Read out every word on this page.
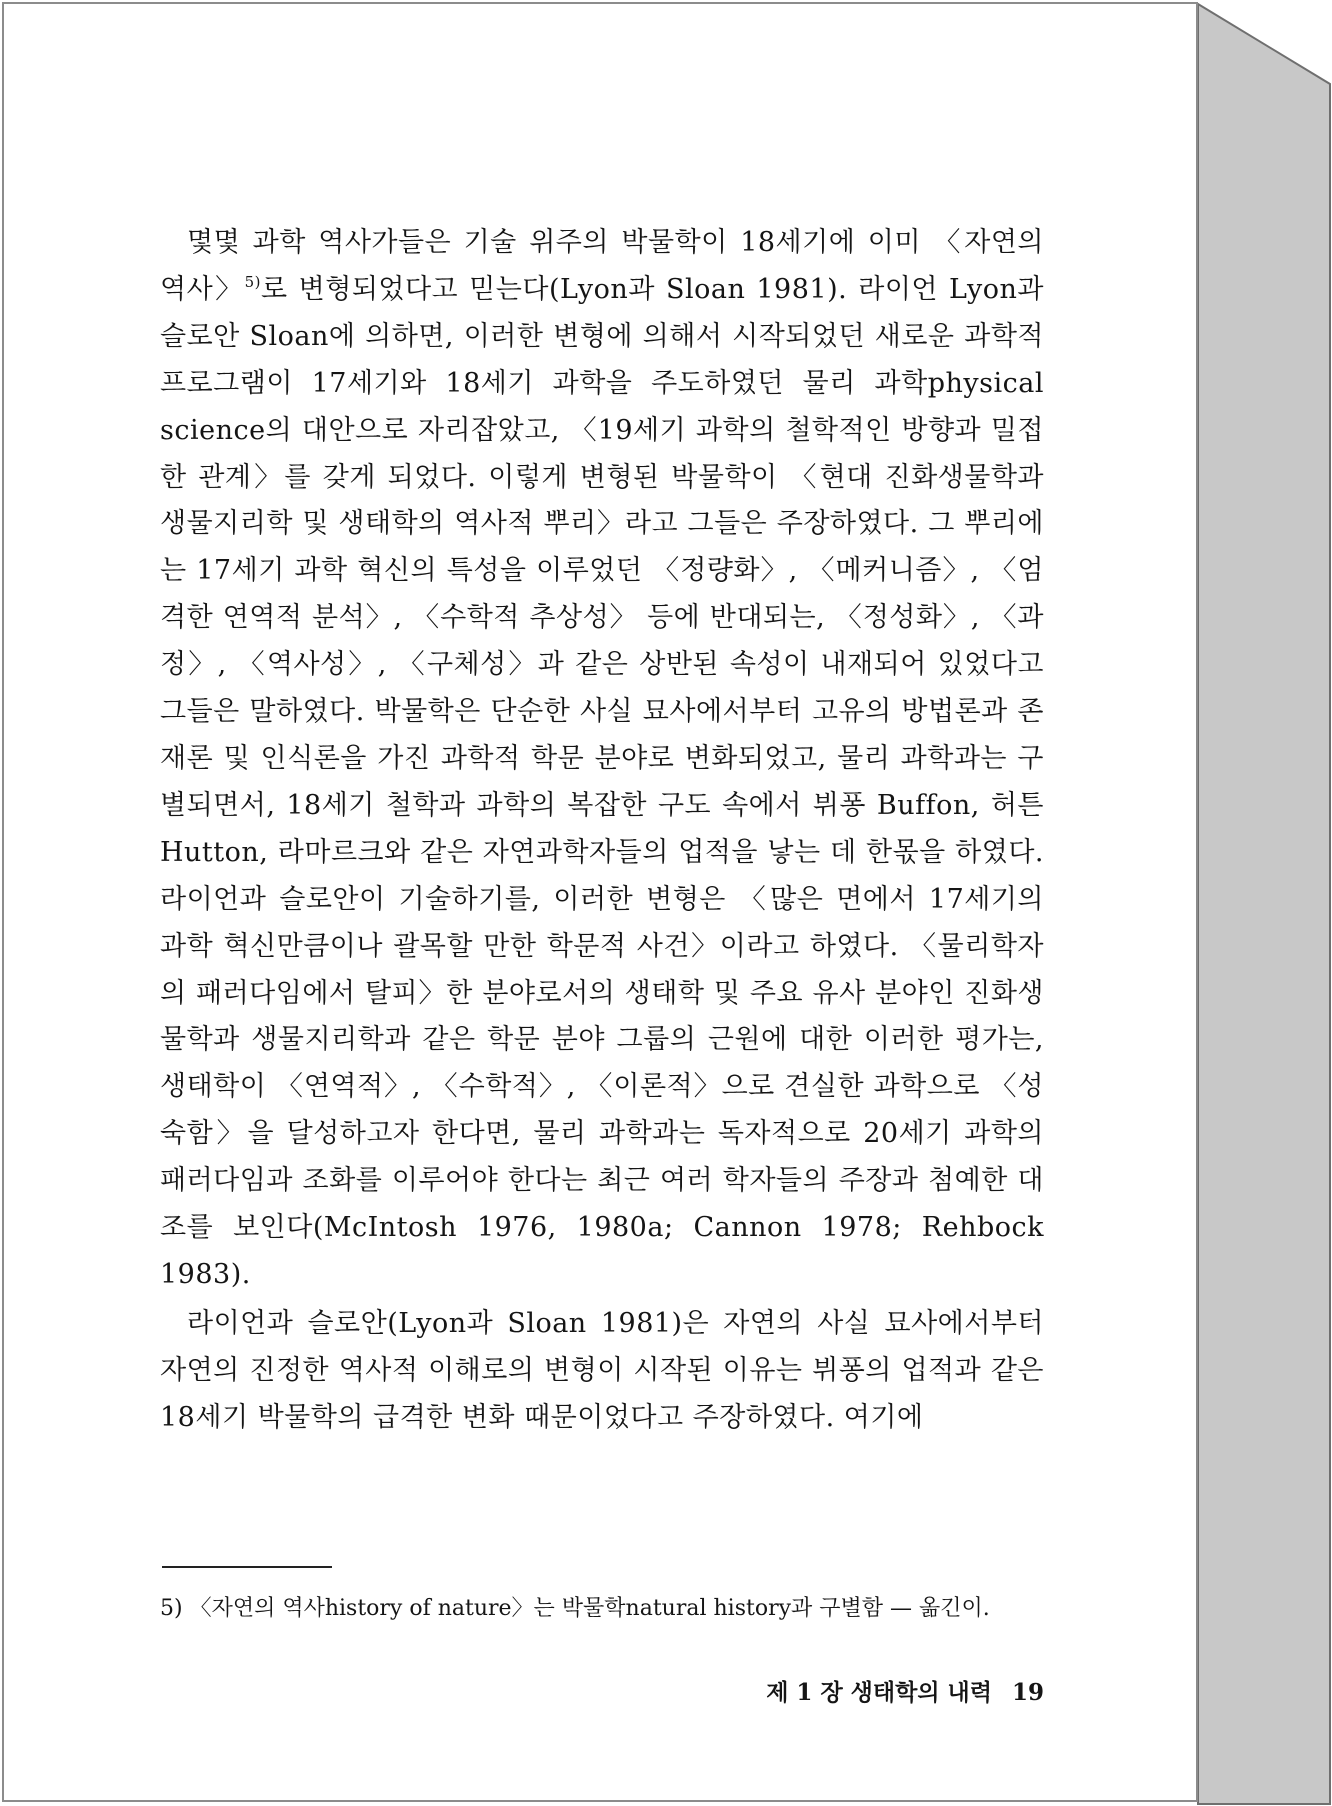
몇몇 과학 역사가들은 기술 위주의 박물학이 18세기에 이미 〈자연의 역사〉$^{5)}$로 변형되었다고 믿는다(Lyon과 Sloan 1981). 라이언 Lyon과 슬로안 Sloan에 의하면, 이러한 변형에 의해서 시작되었던 새로운 과학적 프로그램이 17세기와 18세기 과학을 주도하였던 물리 과학physical science의 대안으로 자리잡았고, 〈19세기 과학의 철학적인 방향과 밀접한 관계〉를 갖게 되었다. 이렇게 변형된 박물학이 〈현대 진화생물학과 생물지리학 및 생태학의 역사적 뿌리〉라고 그들은 주장하였다. 그 뿌리에는 17세기 과학 혁신의 특성을 이루었던 〈정량화〉, 〈메커니즘〉, 〈엄격한 연역적 분석〉, 〈수학적 추상성〉 등에 반대되는, 〈정성화〉, 〈과정〉, 〈역사성〉, 〈구체성〉과 같은 상반된 속성이 내재되어 있었다고 그들은 말하였다. 박물학은 단순한 사실 묘사에서부터 고유의 방법론과 존재론 및 인식론을 가진 과학적 학문 분야로 변화되었고, 물리 과학과는 구별되면서, 18세기 철학과 과학의 복잡한 구도 속에서 뷔퐁 Buffon, 허튼 Hutton, 라마르크와 같은 자연과학자들의 업적을 낳는 데 한몫을 하였다. 라이언과 슬로안이 기술하기를, 이러한 변형은 〈많은 면에서 17세기의 과학 혁신만큼이나 괄목할 만한 학문적 사건〉이라고 하였다. 〈물리학자의 패러다임에서 탈피〉한 분야로서의 생태학 및 주요 유사 분야인 진화생물학과 생물지리학과 같은 학문 분야 그룹의 근원에 대한 이러한 평가는, 생태학이 〈연역적〉, 〈수학적〉, 〈이론적〉으로 견실한 과학으로 〈성숙함〉을 달성하고자 한다면, 물리 과학과는 독자적으로 20세기 과학의 패러다임과 조화를 이루어야 한다는 최근 여러 학자들의 주장과 첨예한 대조를 보인다(McIntosh 1976, 1980a; Cannon 1978; Rehbock 1983).

라이언과 슬로안(Lyon과 Sloan 1981)은 자연의 사실 묘사에서부터 자연의 진정한 역사적 이해로의 변형이 시작된 이유는 뷔퐁의 업적과 같은 18세기 박물학의 급격한 변화 때문이었다고 주장하였다. 여기에

5) 〈자연의 역사history of nature〉는 박물학natural history과 구별함 — 옮긴이.

제 1 장 생태학의 내력 19
